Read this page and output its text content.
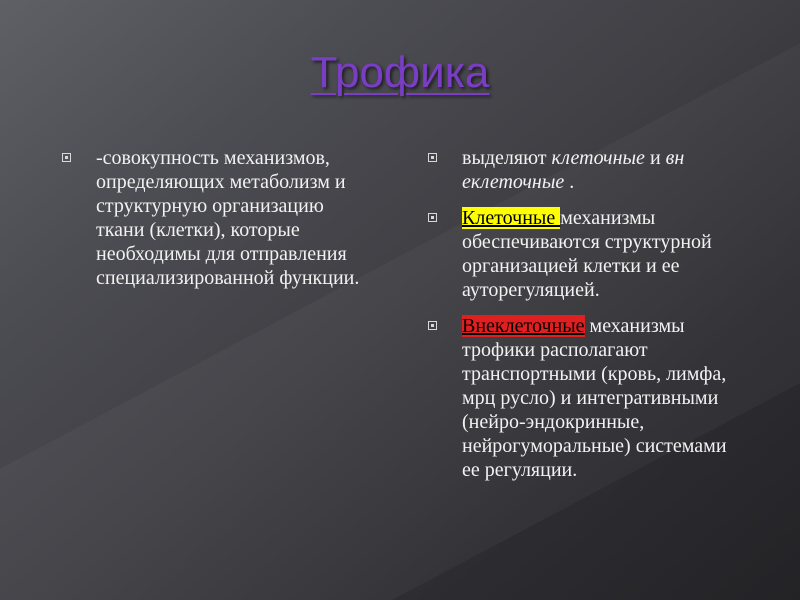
Трофика
-совокупность механизмов, определяющих метаболизм и структурную организацию ткани (клетки), которые необходимы для отправления специализированной функции.
выделяют клеточные и вн еклеточные .
Клеточные механизмы обеспечиваются структурной организацией клетки и ее ауторегуляцией.
Внеклеточные механизмы трофики располагают транспортными (кровь, лимфа, мрц русло) и интегративными (нейро-эндокринные, нейрогуморальные) системами ее регуляции.
